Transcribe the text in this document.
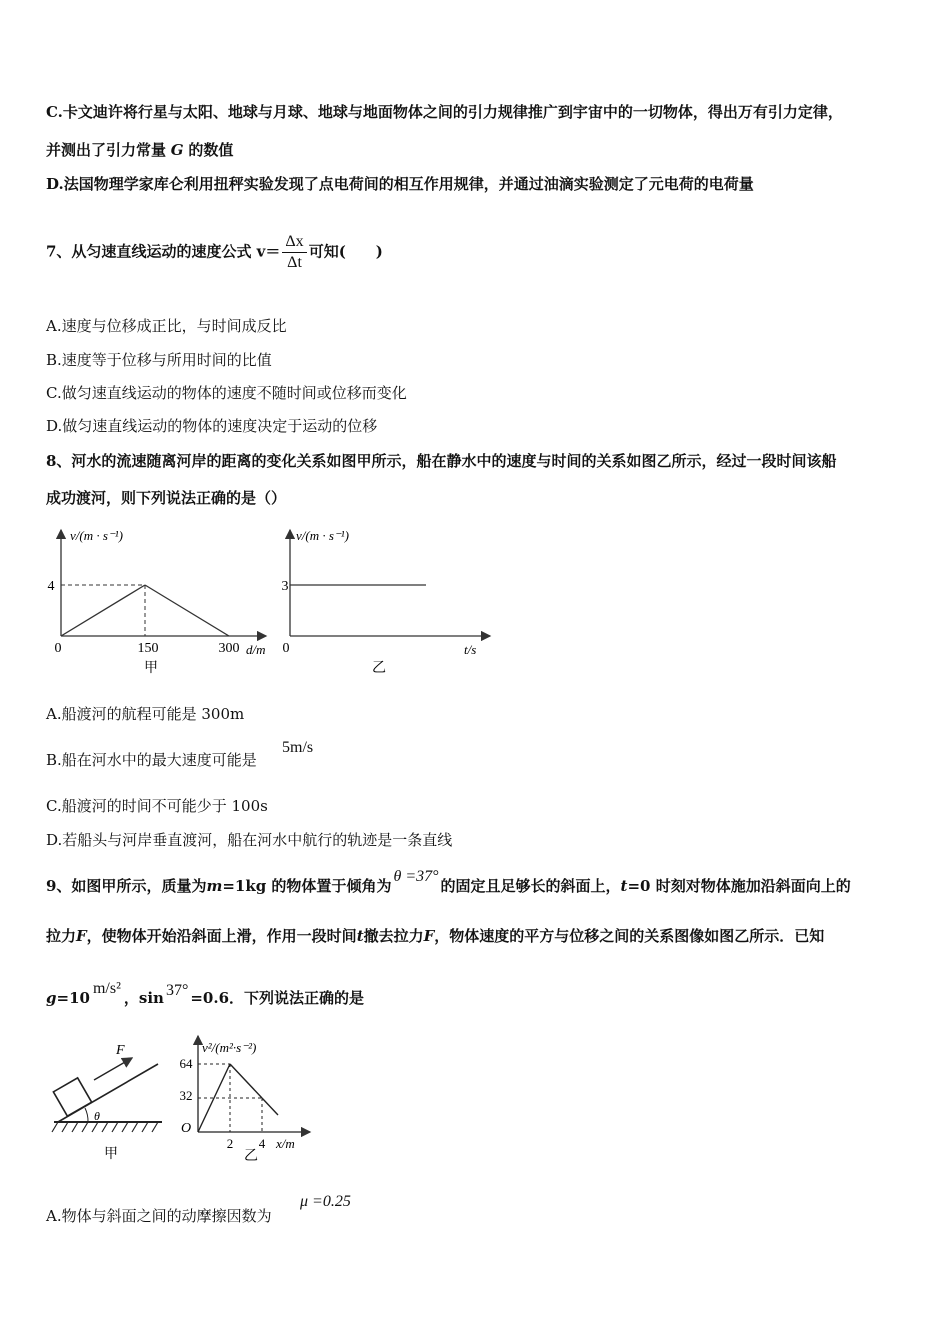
C.卡文迪许将行星与太阳、地球与月球、地球与地面物体之间的引力规律推广到宇宙中的一切物体，得出万有引力定律，
并测出了引力常量 G 的数值
D.法国物理学家库仑利用扭秤实验发现了点电荷间的相互作用规律，并通过油滴实验测定了元电荷的电荷量
7、从匀速直线运动的速度公式 $v= \frac{\Delta x}{\Delta t}$ 可知(　　)
A.速度与位移成正比，与时间成反比
B.速度等于位移与所用时间的比值
C.做匀速直线运动的物体的速度不随时间或位移而变化
D.做匀速直线运动的物体的速度决定于运动的位移
8、河水的流速随离河岸的距离的变化关系如图甲所示，船在静水中的速度与时间的关系如图乙所示，经过一段时间该船
成功渡河，则下列说法正确的是（）
v/(m · s⁻¹)
4
0	150	300 d/m
甲
v/(m · s⁻¹)
3
0	t/s
乙
A.船渡河的航程可能是 300m
B.船在河水中的最大速度可能是
5m/s
C.船渡河的时间不可能少于 100s
D.若船头与河岸垂直渡河，船在河水中航行的轨迹是一条直线
9、如图甲所示，质量为m=1kg 的物体置于倾角为θ =37°的固定且足够长的斜面上，t=0 时刻对物体施加沿斜面向上的
拉力F，使物体开始沿斜面上滑，作用一段时间t撤去拉力F，物体速度的平方与位移之间的关系图像如图乙所示．已知
g=10m/s²，sin 37° =0.6．下列说法正确的是
F
θ
甲
v²/(m²·s⁻²)
64
32
O
2 4 x/m
乙
A.物体与斜面之间的动摩擦因数为
μ =0.25
